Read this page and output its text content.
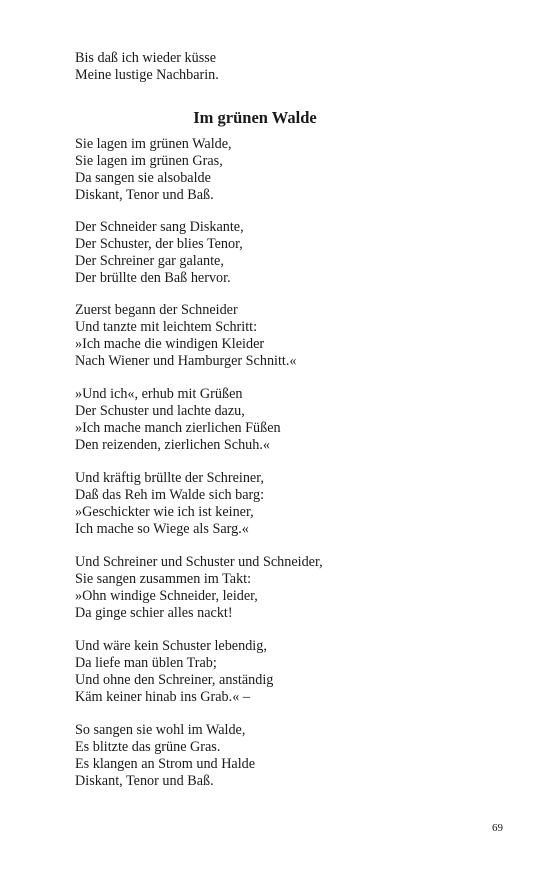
Bis daß ich wieder küsse
Meine lustige Nachbarin.
Im grünen Walde
Sie lagen im grünen Walde,
Sie lagen im grünen Gras,
Da sangen sie alsobalde
Diskant, Tenor und Baß.
Der Schneider sang Diskante,
Der Schuster, der blies Tenor,
Der Schreiner gar galante,
Der brüllte den Baß hervor.
Zuerst begann der Schneider
Und tanzte mit leichtem Schritt:
»Ich mache die windigen Kleider
Nach Wiener und Hamburger Schnitt.«
»Und ich«, erhub mit Grüßen
Der Schuster und lachte dazu,
»Ich mache manch zierlichen Füßen
Den reizenden, zierlichen Schuh.«
Und kräftig brüllte der Schreiner,
Daß das Reh im Walde sich barg:
»Geschickter wie ich ist keiner,
Ich mache so Wiege als Sarg.«
Und Schreiner und Schuster und Schneider,
Sie sangen zusammen im Takt:
»Ohn windige Schneider, leider,
Da ginge schier alles nackt!
Und wäre kein Schuster lebendig,
Da liefe man üblen Trab;
Und ohne den Schreiner, anständig
Käm keiner hinab ins Grab.« –
So sangen sie wohl im Walde,
Es blitzte das grüne Gras.
Es klangen an Strom und Halde
Diskant, Tenor und Baß.
69
